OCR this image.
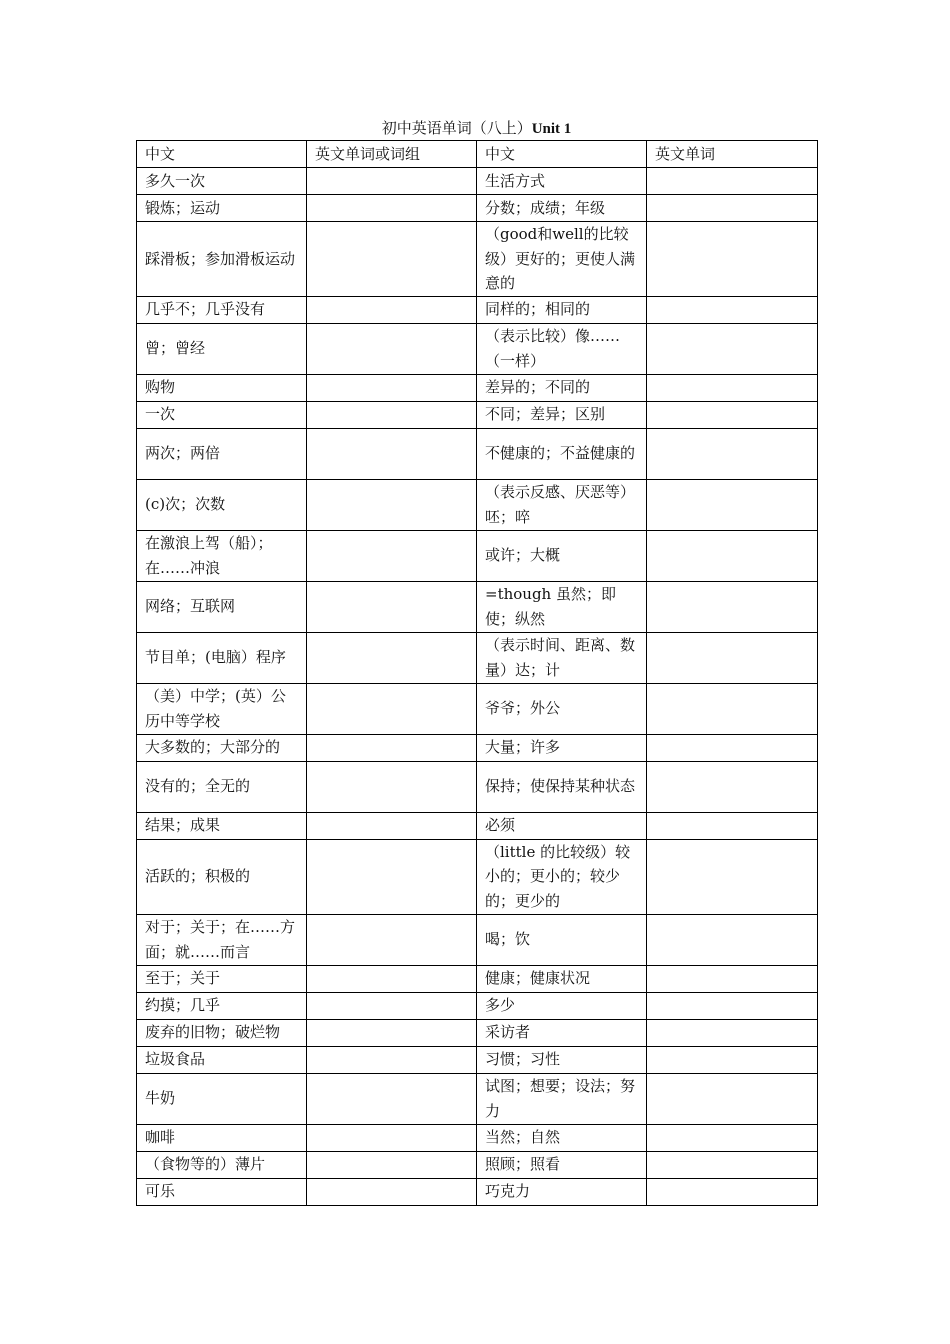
初中英语单词（八上）Unit 1
中文	英文单词或词组	中文	英文单词
多久一次		生活方式	
锻炼；运动		分数；成绩；年级	
踩滑板；参加滑板运动		（good和well的比较级）更好的；更使人满意的	
几乎不；几乎没有		同样的；相同的	
曾；曾经		（表示比较）像……（一样）	
购物		差异的；不同的	
一次		不同；差异；区别	
两次；两倍		不健康的；不益健康的	
(c)次；次数		（表示反感、厌恶等）呸；啐	
在激浪上驾（船）；在……冲浪		或许；大概	
网络；互联网		=though 虽然；即使；纵然	
节目单；(电脑）程序		（表示时间、距离、数量）达；计	
（美）中学；(英）公历中等学校		爷爷；外公	
大多数的；大部分的		大量；许多	
没有的；全无的		保持；使保持某种状态	
结果；成果		必须	
活跃的；积极的		（little 的比较级）较小的；更小的；较少的；更少的	
对于；关于；在……方面；就……而言		喝；饮	
至于；关于		健康；健康状况	
约摸；几乎		多少	
废弃的旧物；破烂物		采访者	
垃圾食品		习惯；习性	
牛奶		试图；想要；设法；努力	
咖啡		当然；自然	
（食物等的）薄片		照顾；照看	
可乐		巧克力	
